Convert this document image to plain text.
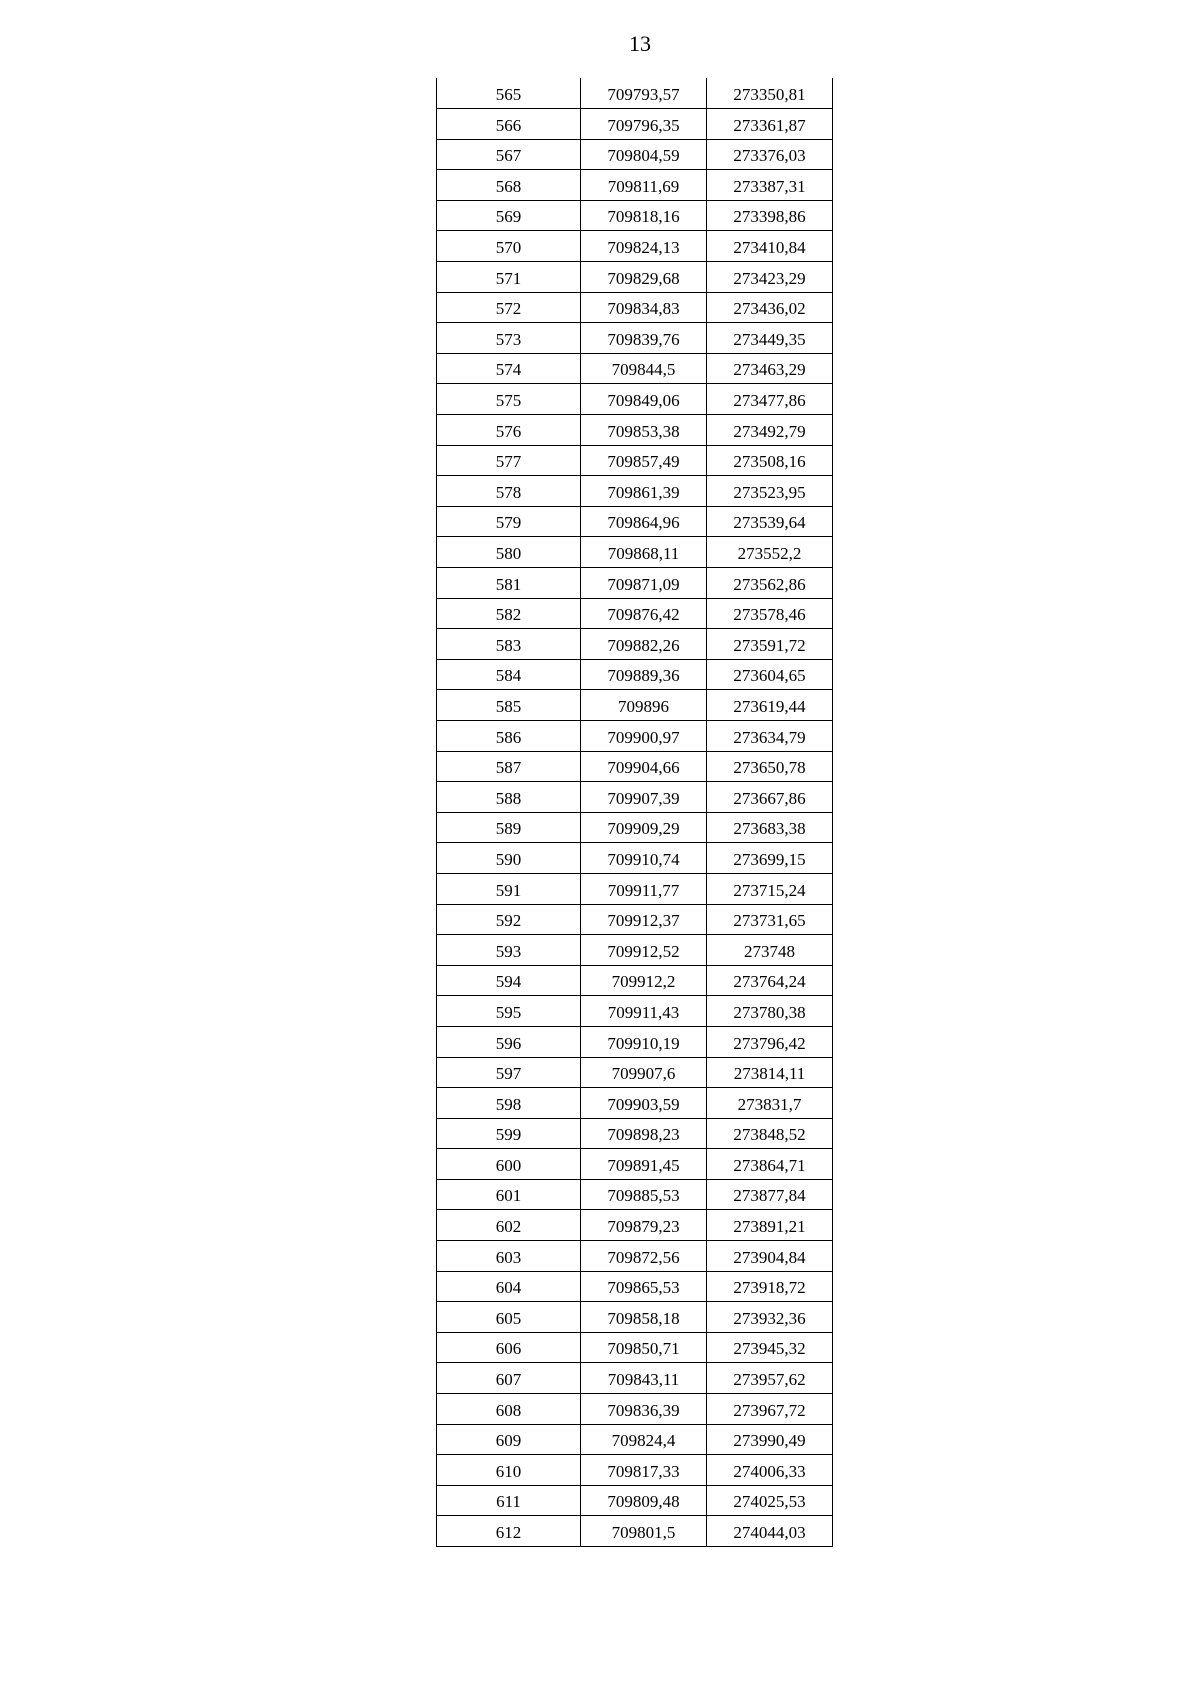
13
565	709793,57	273350,81
566	709796,35	273361,87
567	709804,59	273376,03
568	709811,69	273387,31
569	709818,16	273398,86
570	709824,13	273410,84
571	709829,68	273423,29
572	709834,83	273436,02
573	709839,76	273449,35
574	709844,5	273463,29
575	709849,06	273477,86
576	709853,38	273492,79
577	709857,49	273508,16
578	709861,39	273523,95
579	709864,96	273539,64
580	709868,11	273552,2
581	709871,09	273562,86
582	709876,42	273578,46
583	709882,26	273591,72
584	709889,36	273604,65
585	709896	273619,44
586	709900,97	273634,79
587	709904,66	273650,78
588	709907,39	273667,86
589	709909,29	273683,38
590	709910,74	273699,15
591	709911,77	273715,24
592	709912,37	273731,65
593	709912,52	273748
594	709912,2	273764,24
595	709911,43	273780,38
596	709910,19	273796,42
597	709907,6	273814,11
598	709903,59	273831,7
599	709898,23	273848,52
600	709891,45	273864,71
601	709885,53	273877,84
602	709879,23	273891,21
603	709872,56	273904,84
604	709865,53	273918,72
605	709858,18	273932,36
606	709850,71	273945,32
607	709843,11	273957,62
608	709836,39	273967,72
609	709824,4	273990,49
610	709817,33	274006,33
611	709809,48	274025,53
612	709801,5	274044,03
